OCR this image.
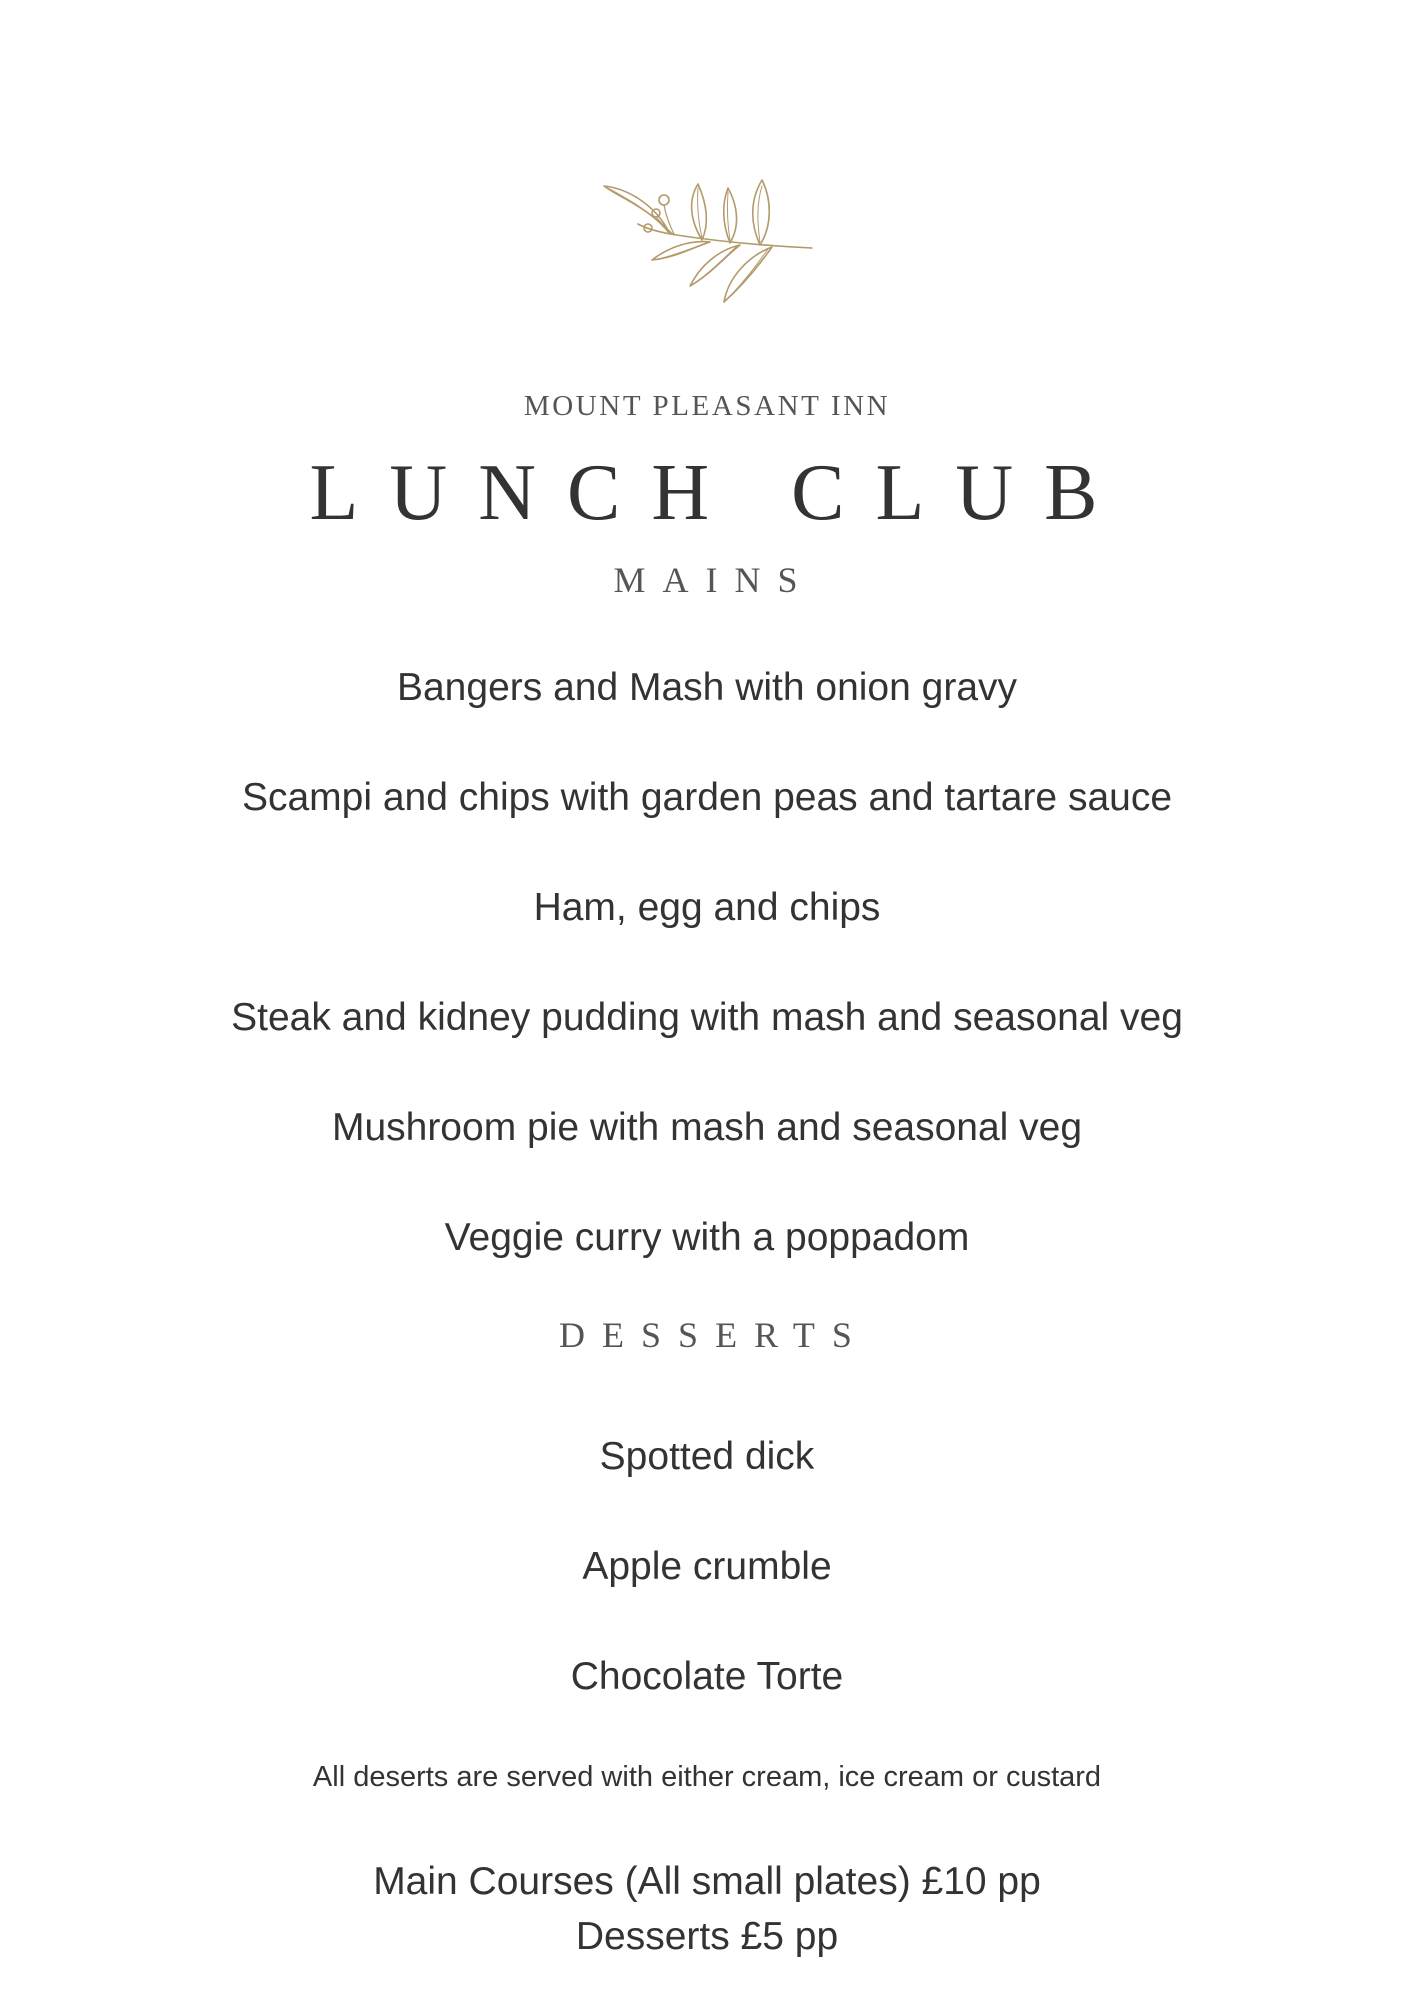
MOUNT PLEASANT INN
LUNCH CLUB
MAINS
Bangers and Mash with onion gravy
Scampi and chips with garden peas and tartare sauce
Ham, egg and chips
Steak and kidney pudding with mash and seasonal veg
Mushroom pie with mash and seasonal veg
Veggie curry with a poppadom
DESSERTS
Spotted dick
Apple crumble
Chocolate Torte
All deserts are served with either cream, ice cream or custard
Main Courses (All small plates) £10 pp
Desserts £5 pp
